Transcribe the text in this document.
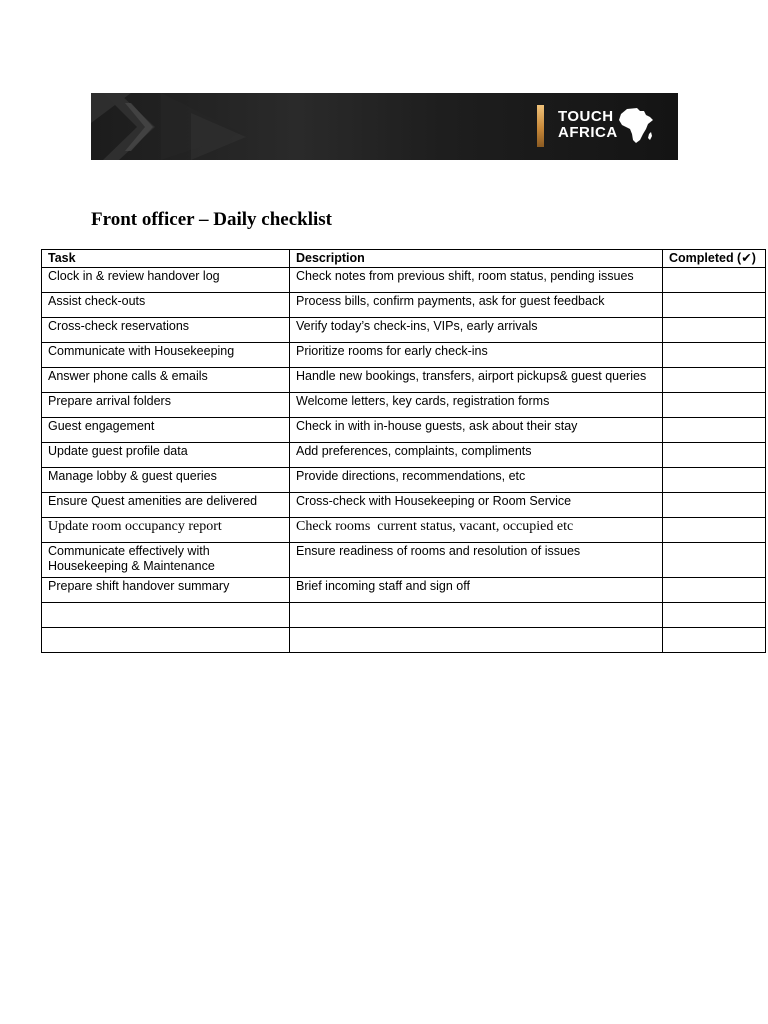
TOUCH
AFRICA
Front officer – Daily checklist
Task	Description	Completed (✔)
Clock in & review handover log	Check notes from previous shift, room status, pending issues	
Assist check-outs	Process bills, confirm payments, ask for guest feedback	
Cross-check reservations	Verify today’s check-ins, VIPs, early arrivals	
Communicate with Housekeeping	Prioritize rooms for early check-ins	
Answer phone calls & emails	Handle new bookings, transfers, airport pickups& guest queries	
Prepare arrival folders	Welcome letters, key cards, registration forms	
Guest engagement	Check in with in-house guests, ask about their stay	
Update guest profile data	Add preferences, complaints, compliments	
Manage lobby & guest queries	Provide directions, recommendations, etc	
Ensure Quest amenities are delivered	Cross-check with Housekeeping or Room Service	
Update room occupancy report	Check rooms  current status, vacant, occupied etc	
Communicate effectively with Housekeeping & Maintenance	Ensure readiness of rooms and resolution of issues	
Prepare shift handover summary	Brief incoming staff and sign off	
